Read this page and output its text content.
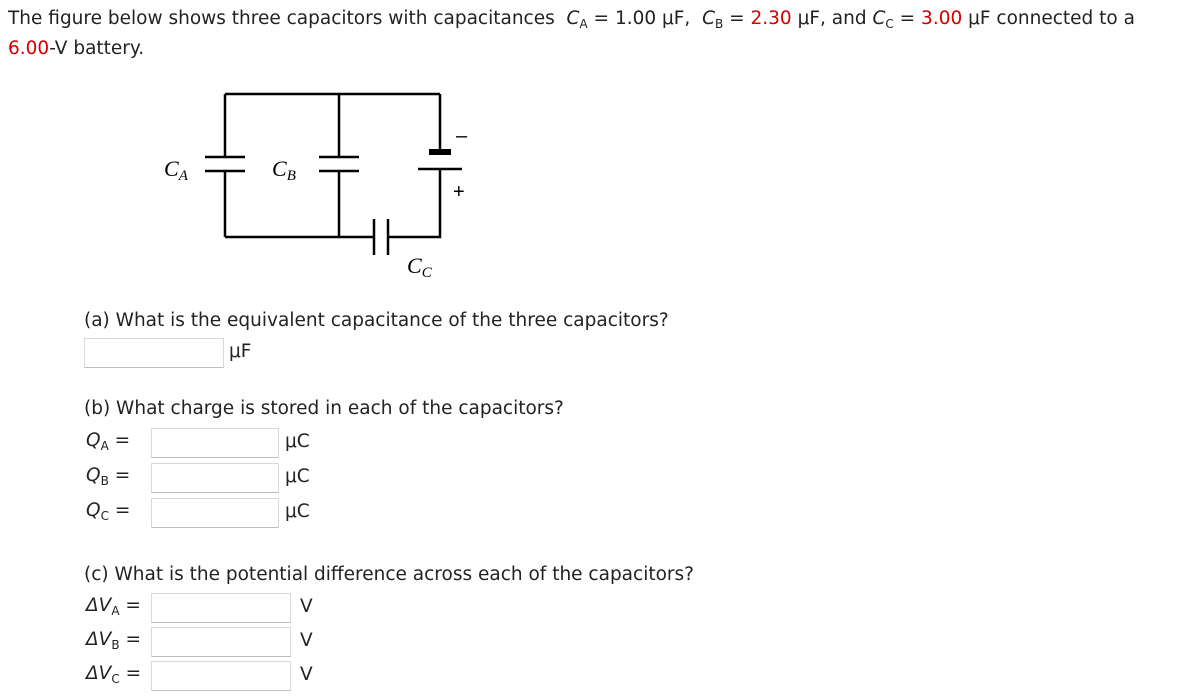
The figure below shows three capacitors with capacitances $C_A = 1.00$ μF, $C_B = 2.30$ μF, and $C_C = 3.00$ μF connected to a
6.00-V battery.
CA	CB
CC
–
+
(a) What is the equivalent capacitance of the three capacitors?
μF
(b) What charge is stored in each of the capacitors?
$Q_A$ =	μC
$Q_B$ =	μC
$Q_C$ =	μC
(c) What is the potential difference across each of the capacitors?
$\Delta V_A$ =	V
$\Delta V_B$ =	V
$\Delta V_C$ =	V
